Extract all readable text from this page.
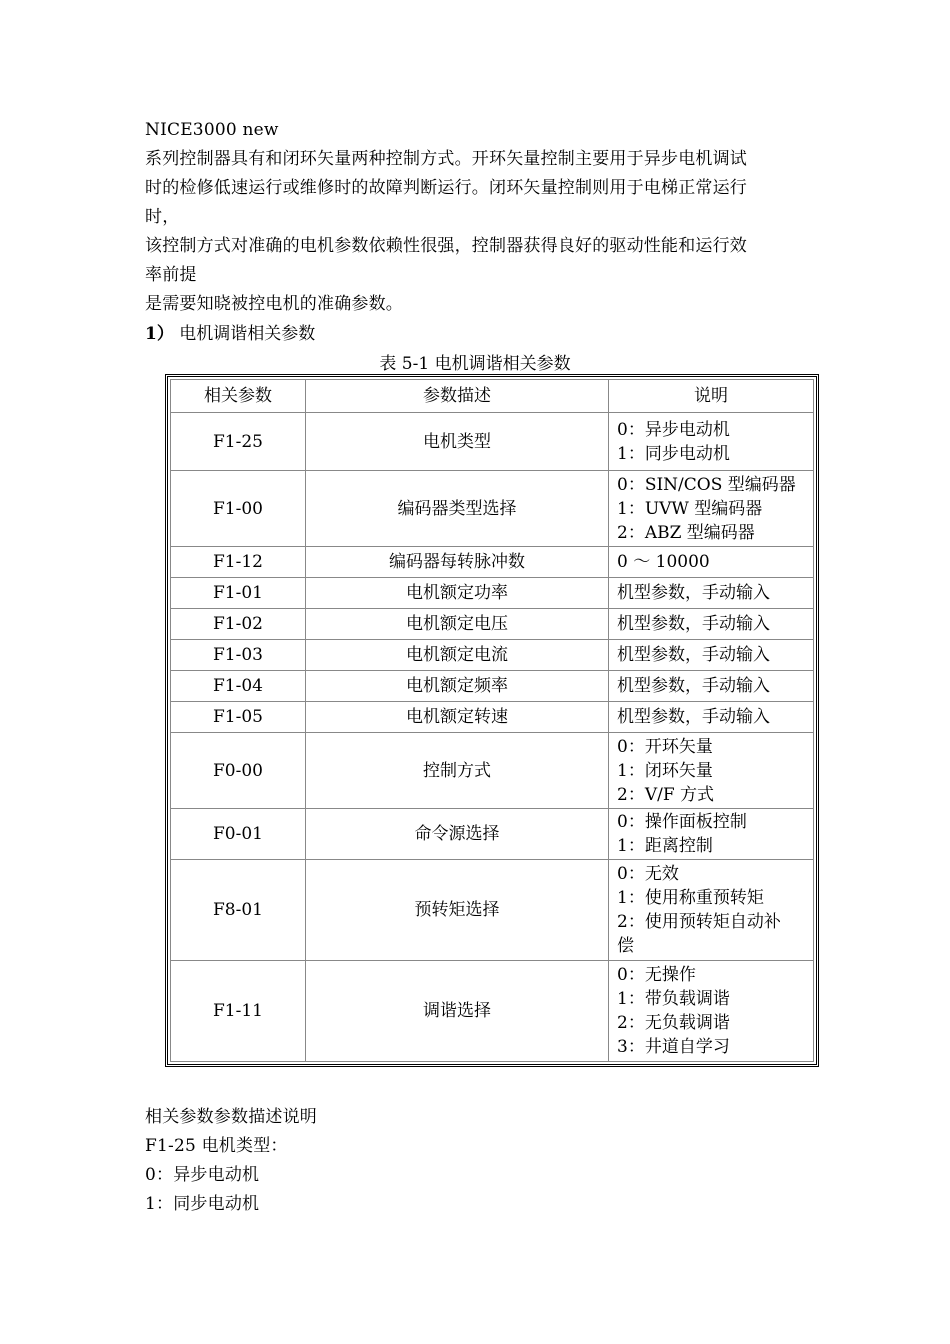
NICE3000 new

系列控制器具有和闭环矢量两种控制方式。开环矢量控制主要用于异步电机调试

时的检修低速运行或维修时的故障判断运行。闭环矢量控制则用于电梯正常运行

时，

该控制方式对准确的电机参数依赖性很强，控制器获得良好的驱动性能和运行效

率前提

是需要知晓被控电机的准确参数。

1） 电机调谐相关参数

表 5-1 电机调谐相关参数

相关参数	参数描述	说明
F1-25	电机类型	0：异步电动机
1：同步电动机

F1-00	编码器类型选择	0：SIN/COS 型编码器
1：UVW 型编码器
2：ABZ 型编码器

F1-12	编码器每转脉冲数	0 ～ 10000

F1-01	电机额定功率	机型参数，手动输入

F1-02	电机额定电压	机型参数，手动输入

F1-03	电机额定电流	机型参数，手动输入

F1-04	电机额定频率	机型参数，手动输入

F1-05	电机额定转速	机型参数，手动输入

F0-00	控制方式	0：开环矢量
1：闭环矢量
2：V/F 方式

F0-01	命令源选择	0：操作面板控制
1：距离控制

F8-01	预转矩选择	0：无效
1：使用称重预转矩
2：使用预转矩自动补
偿

F1-11	调谐选择	0：无操作
1：带负载调谐
2：无负载调谐
3：井道自学习

相关参数参数描述说明

F1-25 电机类型：

0：异步电动机

1：同步电动机
